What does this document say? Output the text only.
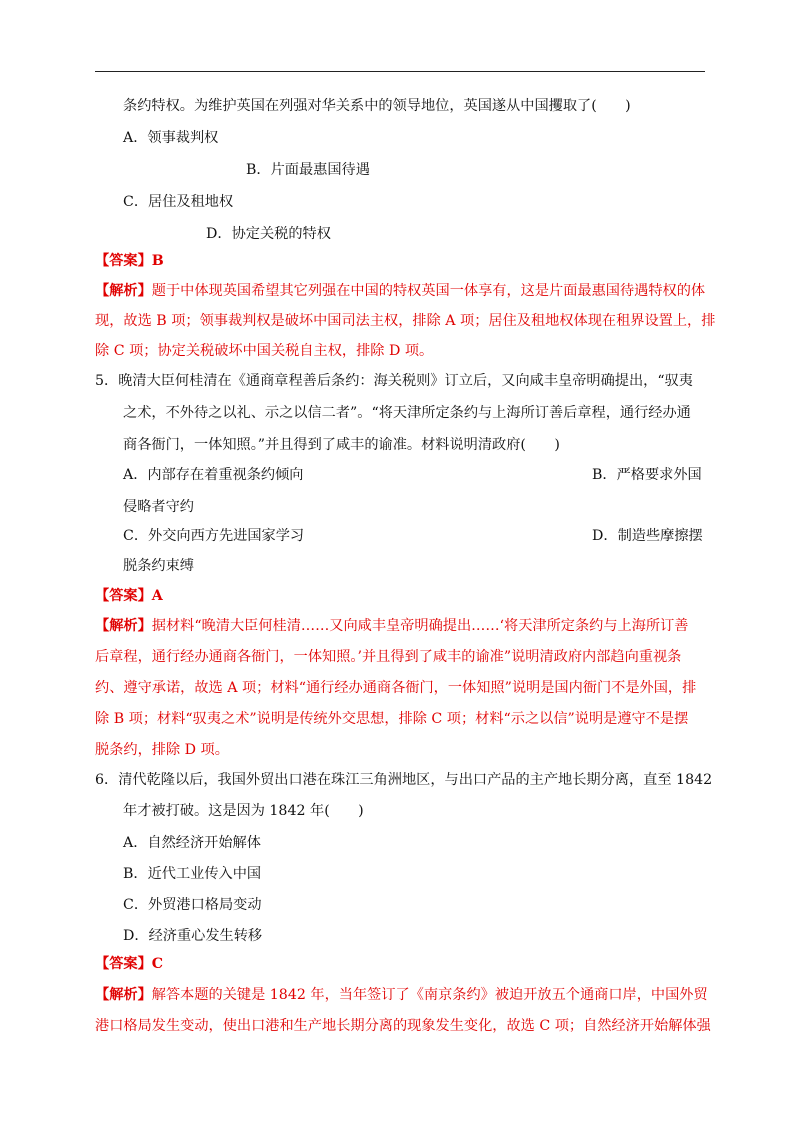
条约特权。为维护英国在列强对华关系中的领导地位，英国遂从中国攫取了(　　)
A．领事裁判权
B．片面最惠国待遇
C．居住及租地权
D．协定关税的特权
【答案】B
【解析】题于中体现英国希望其它列强在中国的特权英国一体享有，这是片面最惠国待遇特权的体
现，故选 B 项；领事裁判权是破坏中国司法主权，排除 A 项；居住及租地权体现在租界设置上，排
除 C 项；协定关税破坏中国关税自主权，排除 D 项。
5．晚清大臣何桂清在《通商章程善后条约：海关税则》订立后，又向咸丰皇帝明确提出，“驭夷
之术，不外待之以礼、示之以信二者”。“将天津所定条约与上海所订善后章程，通行经办通
商各衙门，一体知照。”并且得到了咸丰的谕准。材料说明清政府(　　)
A．内部存在着重视条约倾向	B．严格要求外国
侵略者守约
C．外交向西方先进国家学习	D．制造些摩擦摆
脱条约束缚
【答案】A
【解析】据材料“晚清大臣何桂清……又向咸丰皇帝明确提出……‘将天津所定条约与上海所订善
后章程，通行经办通商各衙门，一体知照。’并且得到了咸丰的谕准”说明清政府内部趋向重视条
约、遵守承诺，故选 A 项；材料“通行经办通商各衙门，一体知照”说明是国内衙门不是外国，排
除 B 项；材料“驭夷之术”说明是传统外交思想，排除 C 项；材料“示之以信”说明是遵守不是摆
脱条约，排除 D 项。
6．清代乾隆以后，我国外贸出口港在珠江三角洲地区，与出口产品的主产地长期分离，直至 1842
年才被打破。这是因为 1842 年(　　)
A．自然经济开始解体
B．近代工业传入中国
C．外贸港口格局变动
D．经济重心发生转移
【答案】C
【解析】解答本题的关键是 1842 年，当年签订了《南京条约》被迫开放五个通商口岸，中国外贸
港口格局发生变动，使出口港和生产地长期分离的现象发生变化，故选 C 项；自然经济开始解体强
